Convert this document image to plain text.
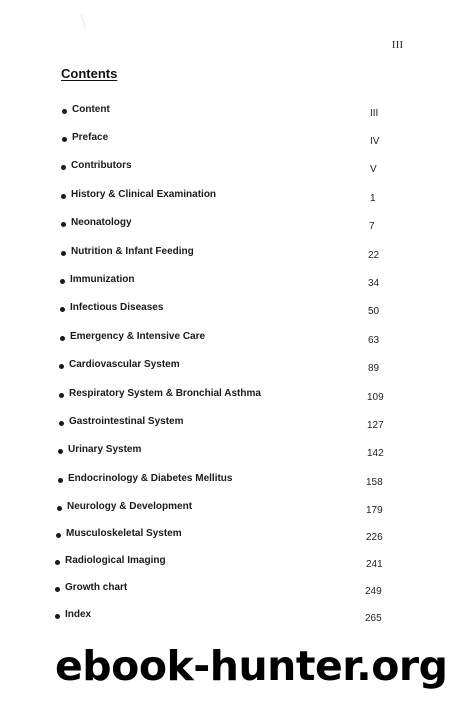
III
Contents
Content	III
Preface	IV
Contributors	V
History & Clinical Examination	1
Neonatology	7
Nutrition & Infant Feeding	22
Immunization	34
Infectious Diseases	50
Emergency & Intensive Care	63
Cardiovascular System	89
Respiratory System & Bronchial Asthma	109
Gastrointestinal System	127
Urinary System	142
Endocrinology & Diabetes Mellitus	158
Neurology & Development	179
Musculoskeletal System	226
Radiological Imaging	241
Growth chart	249
Index	265
ebook-hunter.org
